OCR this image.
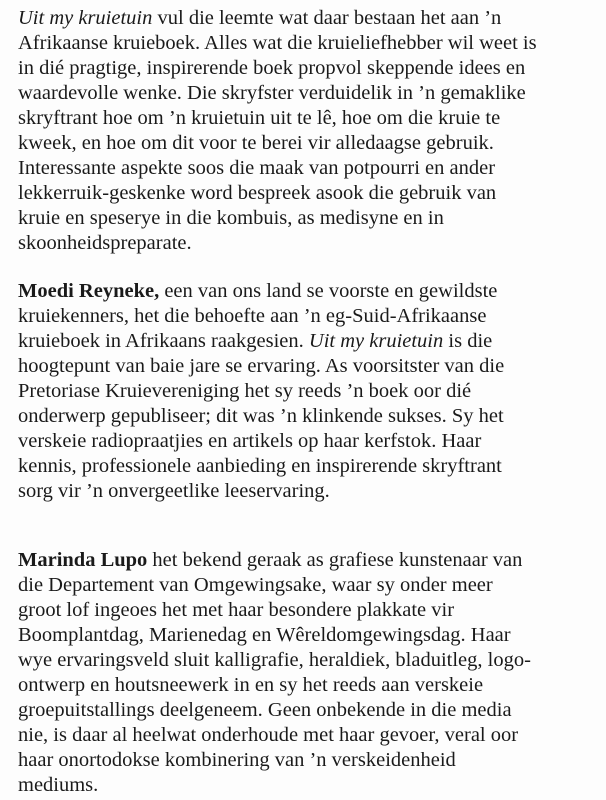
Uit my kruietuin vul die leemte wat daar bestaan het aan ’n
Afrikaanse kruieboek. Alles wat die kruieliefhebber wil weet is
in dié pragtige, inspirerende boek propvol skeppende idees en
waardevolle wenke. Die skryfster verduidelik in ’n gemaklike
skryftrant hoe om ’n kruietuin uit te lê, hoe om die kruie te
kweek, en hoe om dit voor te berei vir alledaagse gebruik.
Interessante aspekte soos die maak van potpourri en ander
lekkerruik-geskenke word bespreek asook die gebruik van
kruie en speserye in die kombuis, as medisyne en in
skoonheidspreparate.
Moedi Reyneke, een van ons land se voorste en gewildste
kruiekenners, het die behoefte aan ’n eg-Suid-Afrikaanse
kruieboek in Afrikaans raakgesien. Uit my kruietuin is die
hoogtepunt van baie jare se ervaring. As voorsitster van die
Pretoriase Kruievereniging het sy reeds ’n boek oor dié
onderwerp gepubliseer; dit was ’n klinkende sukses. Sy het
verskeie radiopraatjies en artikels op haar kerfstok. Haar
kennis, professionele aanbieding en inspirerende skryftrant
sorg vir ’n onvergeetlike leeservaring.
Marinda Lupo het bekend geraak as grafiese kunstenaar van
die Departement van Omgewingsake, waar sy onder meer
groot lof ingeoes het met haar besondere plakkate vir
Boomplantdag, Marienedag en Wêreldomgewingsdag. Haar
wye ervaringsveld sluit kalligrafie, heraldiek, bladuitleg, logo-
ontwerp en houtsneewerk in en sy het reeds aan verskeie
groepuitstallings deelgeneem. Geen onbekende in die media
nie, is daar al heelwat onderhoude met haar gevoer, veral oor
haar onortodokse kombinering van ’n verskeidenheid
mediums.
